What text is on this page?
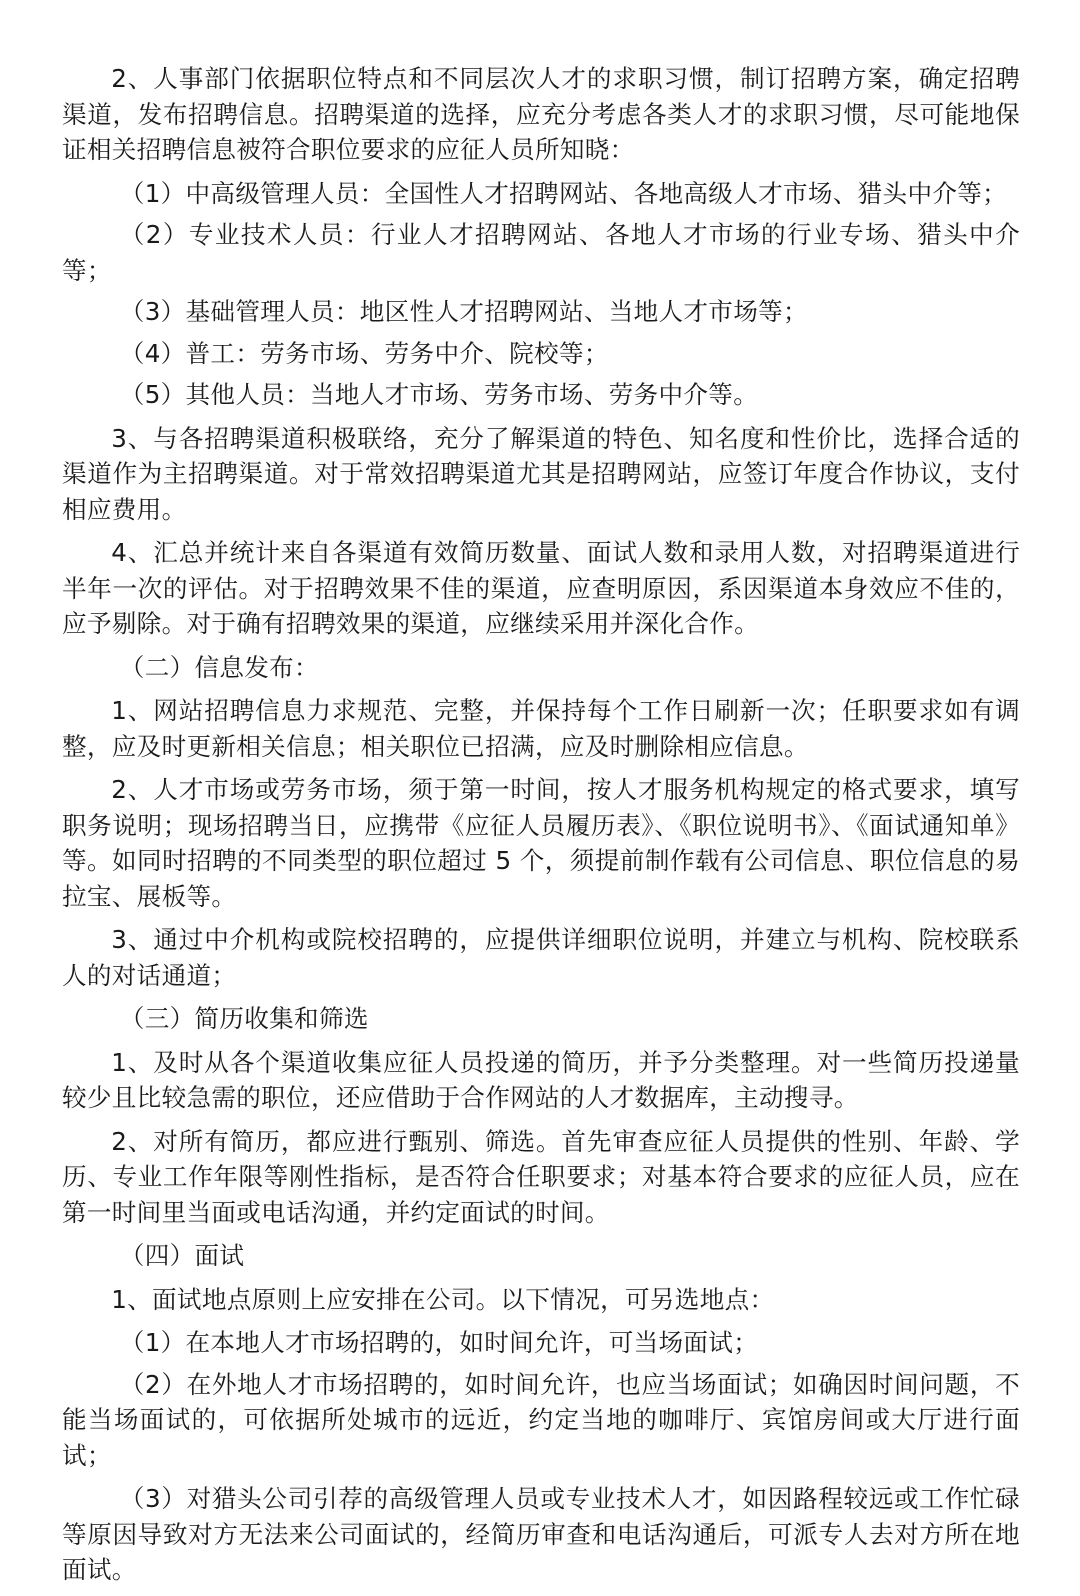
2、人事部门依据职位特点和不同层次人才的求职习惯，制订招聘方案，确定招聘渠道，发布招聘信息。招聘渠道的选择，应充分考虑各类人才的求职习惯，尽可能地保证相关招聘信息被符合职位要求的应征人员所知晓：

（1）中高级管理人员：全国性人才招聘网站、各地高级人才市场、猎头中介等；

（2）专业技术人员：行业人才招聘网站、各地人才市场的行业专场、猎头中介等；

（3）基础管理人员：地区性人才招聘网站、当地人才市场等；

（4）普工：劳务市场、劳务中介、院校等；

（5）其他人员：当地人才市场、劳务市场、劳务中介等。

3、与各招聘渠道积极联络，充分了解渠道的特色、知名度和性价比，选择合适的渠道作为主招聘渠道。对于常效招聘渠道尤其是招聘网站，应签订年度合作协议，支付相应费用。

4、汇总并统计来自各渠道有效简历数量、面试人数和录用人数，对招聘渠道进行半年一次的评估。对于招聘效果不佳的渠道，应查明原因，系因渠道本身效应不佳的，应予剔除。对于确有招聘效果的渠道，应继续采用并深化合作。

（二）信息发布：

1、网站招聘信息力求规范、完整，并保持每个工作日刷新一次；任职要求如有调整，应及时更新相关信息；相关职位已招满，应及时删除相应信息。

2、人才市场或劳务市场，须于第一时间，按人才服务机构规定的格式要求，填写职务说明；现场招聘当日，应携带《应征人员履历表》、《职位说明书》、《面试通知单》等。如同时招聘的不同类型的职位超过 5 个，须提前制作载有公司信息、职位信息的易拉宝、展板等。

3、通过中介机构或院校招聘的，应提供详细职位说明，并建立与机构、院校联系人的对话通道；

（三）简历收集和筛选

1、及时从各个渠道收集应征人员投递的简历，并予分类整理。对一些简历投递量较少且比较急需的职位，还应借助于合作网站的人才数据库，主动搜寻。

2、对所有简历，都应进行甄别、筛选。首先审查应征人员提供的性别、年龄、学历、专业工作年限等刚性指标，是否符合任职要求；对基本符合要求的应征人员，应在第一时间里当面或电话沟通，并约定面试的时间。

（四）面试

1、面试地点原则上应安排在公司。以下情况，可另选地点：

（1）在本地人才市场招聘的，如时间允许，可当场面试；

（2）在外地人才市场招聘的，如时间允许，也应当场面试；如确因时间问题，不能当场面试的，可依据所处城市的远近，约定当地的咖啡厅、宾馆房间或大厅进行面试；

（3）对猎头公司引荐的高级管理人员或专业技术人才，如因路程较远或工作忙碌等原因导致对方无法来公司面试的，经简历审查和电话沟通后，可派专人去对方所在地面试。
